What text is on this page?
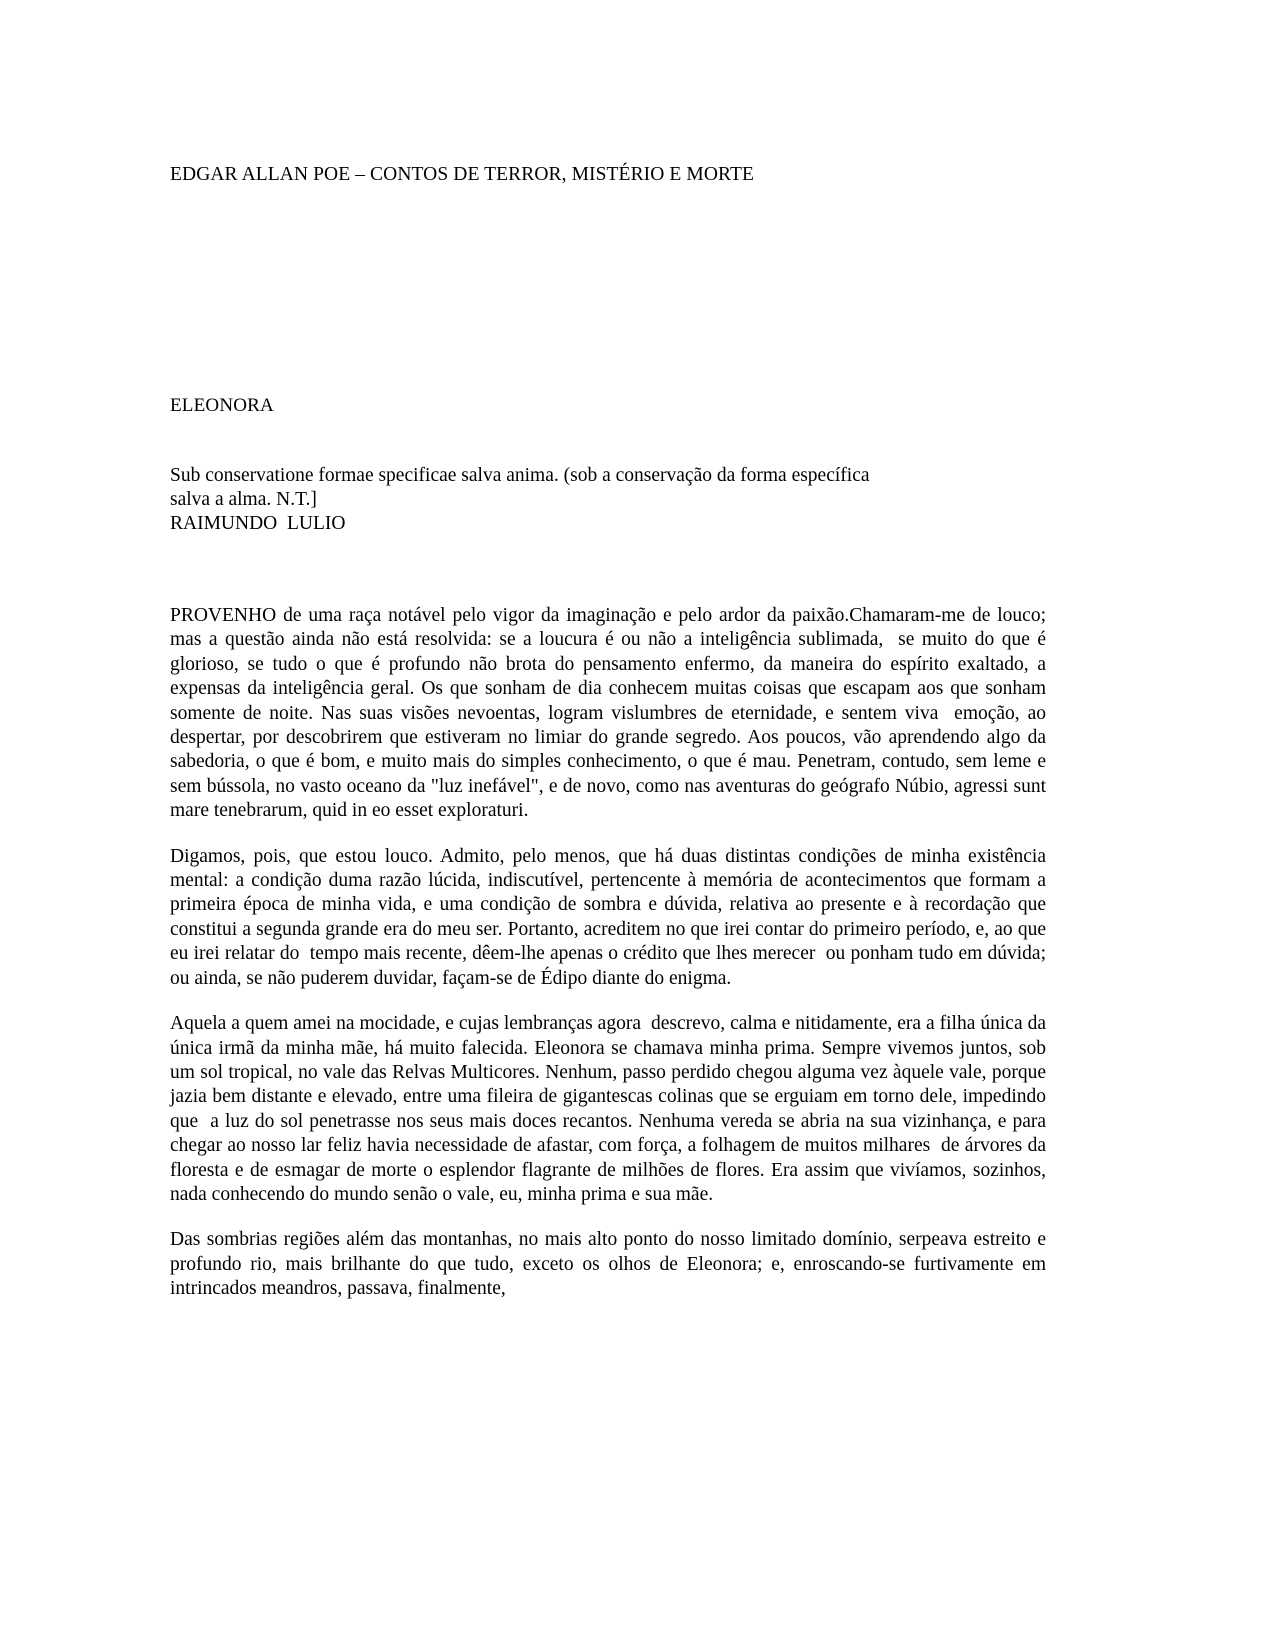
EDGAR ALLAN POE – CONTOS DE TERROR, MISTÉRIO E MORTE
ELEONORA
Sub conservatione formae specificae salva anima. (sob a conservação da forma específica
salva a alma. N.T.]
RAIMUNDO  LULIO

PROVENHO de uma raça notável pelo vigor da imaginação e pelo ardor da paixão.Chamaram-me de louco; mas a questão ainda não está resolvida: se a loucura é ou não a inteligência sublimada,  se muito do que é glorioso, se tudo o que é profundo não brota do pensamento enfermo, da maneira do espírito exaltado, a expensas da inteligência geral. Os que sonham de dia conhecem muitas coisas que escapam aos que sonham somente de noite. Nas suas visões nevoentas, logram vislumbres de eternidade, e sentem viva  emoção, ao despertar, por descobrirem que estiveram no limiar do grande segredo. Aos poucos, vão aprendendo algo da sabedoria, o que é bom, e muito mais do simples conhecimento, o que é mau. Penetram, contudo, sem leme e sem bússola, no vasto oceano da "luz inefável", e de novo, como nas aventuras do geógrafo Núbio, agressi sunt mare tenebrarum, quid in eo esset exploraturi.

Digamos, pois, que estou louco. Admito, pelo menos, que há duas distintas condições de minha existência mental: a condição duma razão lúcida, indiscutível, pertencente à memória de acontecimentos que formam a primeira época de minha vida, e uma condição de sombra e dúvida, relativa ao presente e à recordação que constitui a segunda grande era do meu ser. Portanto, acreditem no que irei contar do primeiro período, e, ao que eu irei relatar do  tempo mais recente, dêem-lhe apenas o crédito que lhes merecer  ou ponham tudo em dúvida; ou ainda, se não puderem duvidar, façam-se de Édipo diante do enigma.

Aquela a quem amei na mocidade, e cujas lembranças agora  descrevo, calma e nitidamente, era a filha única da única irmã da minha mãe, há muito falecida. Eleonora se chamava minha prima. Sempre vivemos juntos, sob um sol tropical, no vale das Relvas Multicores. Nenhum, passo perdido chegou alguma vez àquele vale, porque jazia bem distante e elevado, entre uma fileira de gigantescas colinas que se erguiam em torno dele, impedindo que  a luz do sol penetrasse nos seus mais doces recantos. Nenhuma vereda se abria na sua vizinhança, e para chegar ao nosso lar feliz havia necessidade de afastar, com força, a folhagem de muitos milhares  de árvores da floresta e de esmagar de morte o esplendor flagrante de milhões de flores. Era assim que vivíamos, sozinhos, nada conhecendo do mundo senão o vale, eu, minha prima e sua mãe.

Das sombrias regiões além das montanhas, no mais alto ponto do nosso limitado domínio, serpeava estreito e profundo rio, mais brilhante do que tudo, exceto os olhos de Eleonora; e, enroscando-se furtivamente em intrincados meandros, passava, finalmente,
